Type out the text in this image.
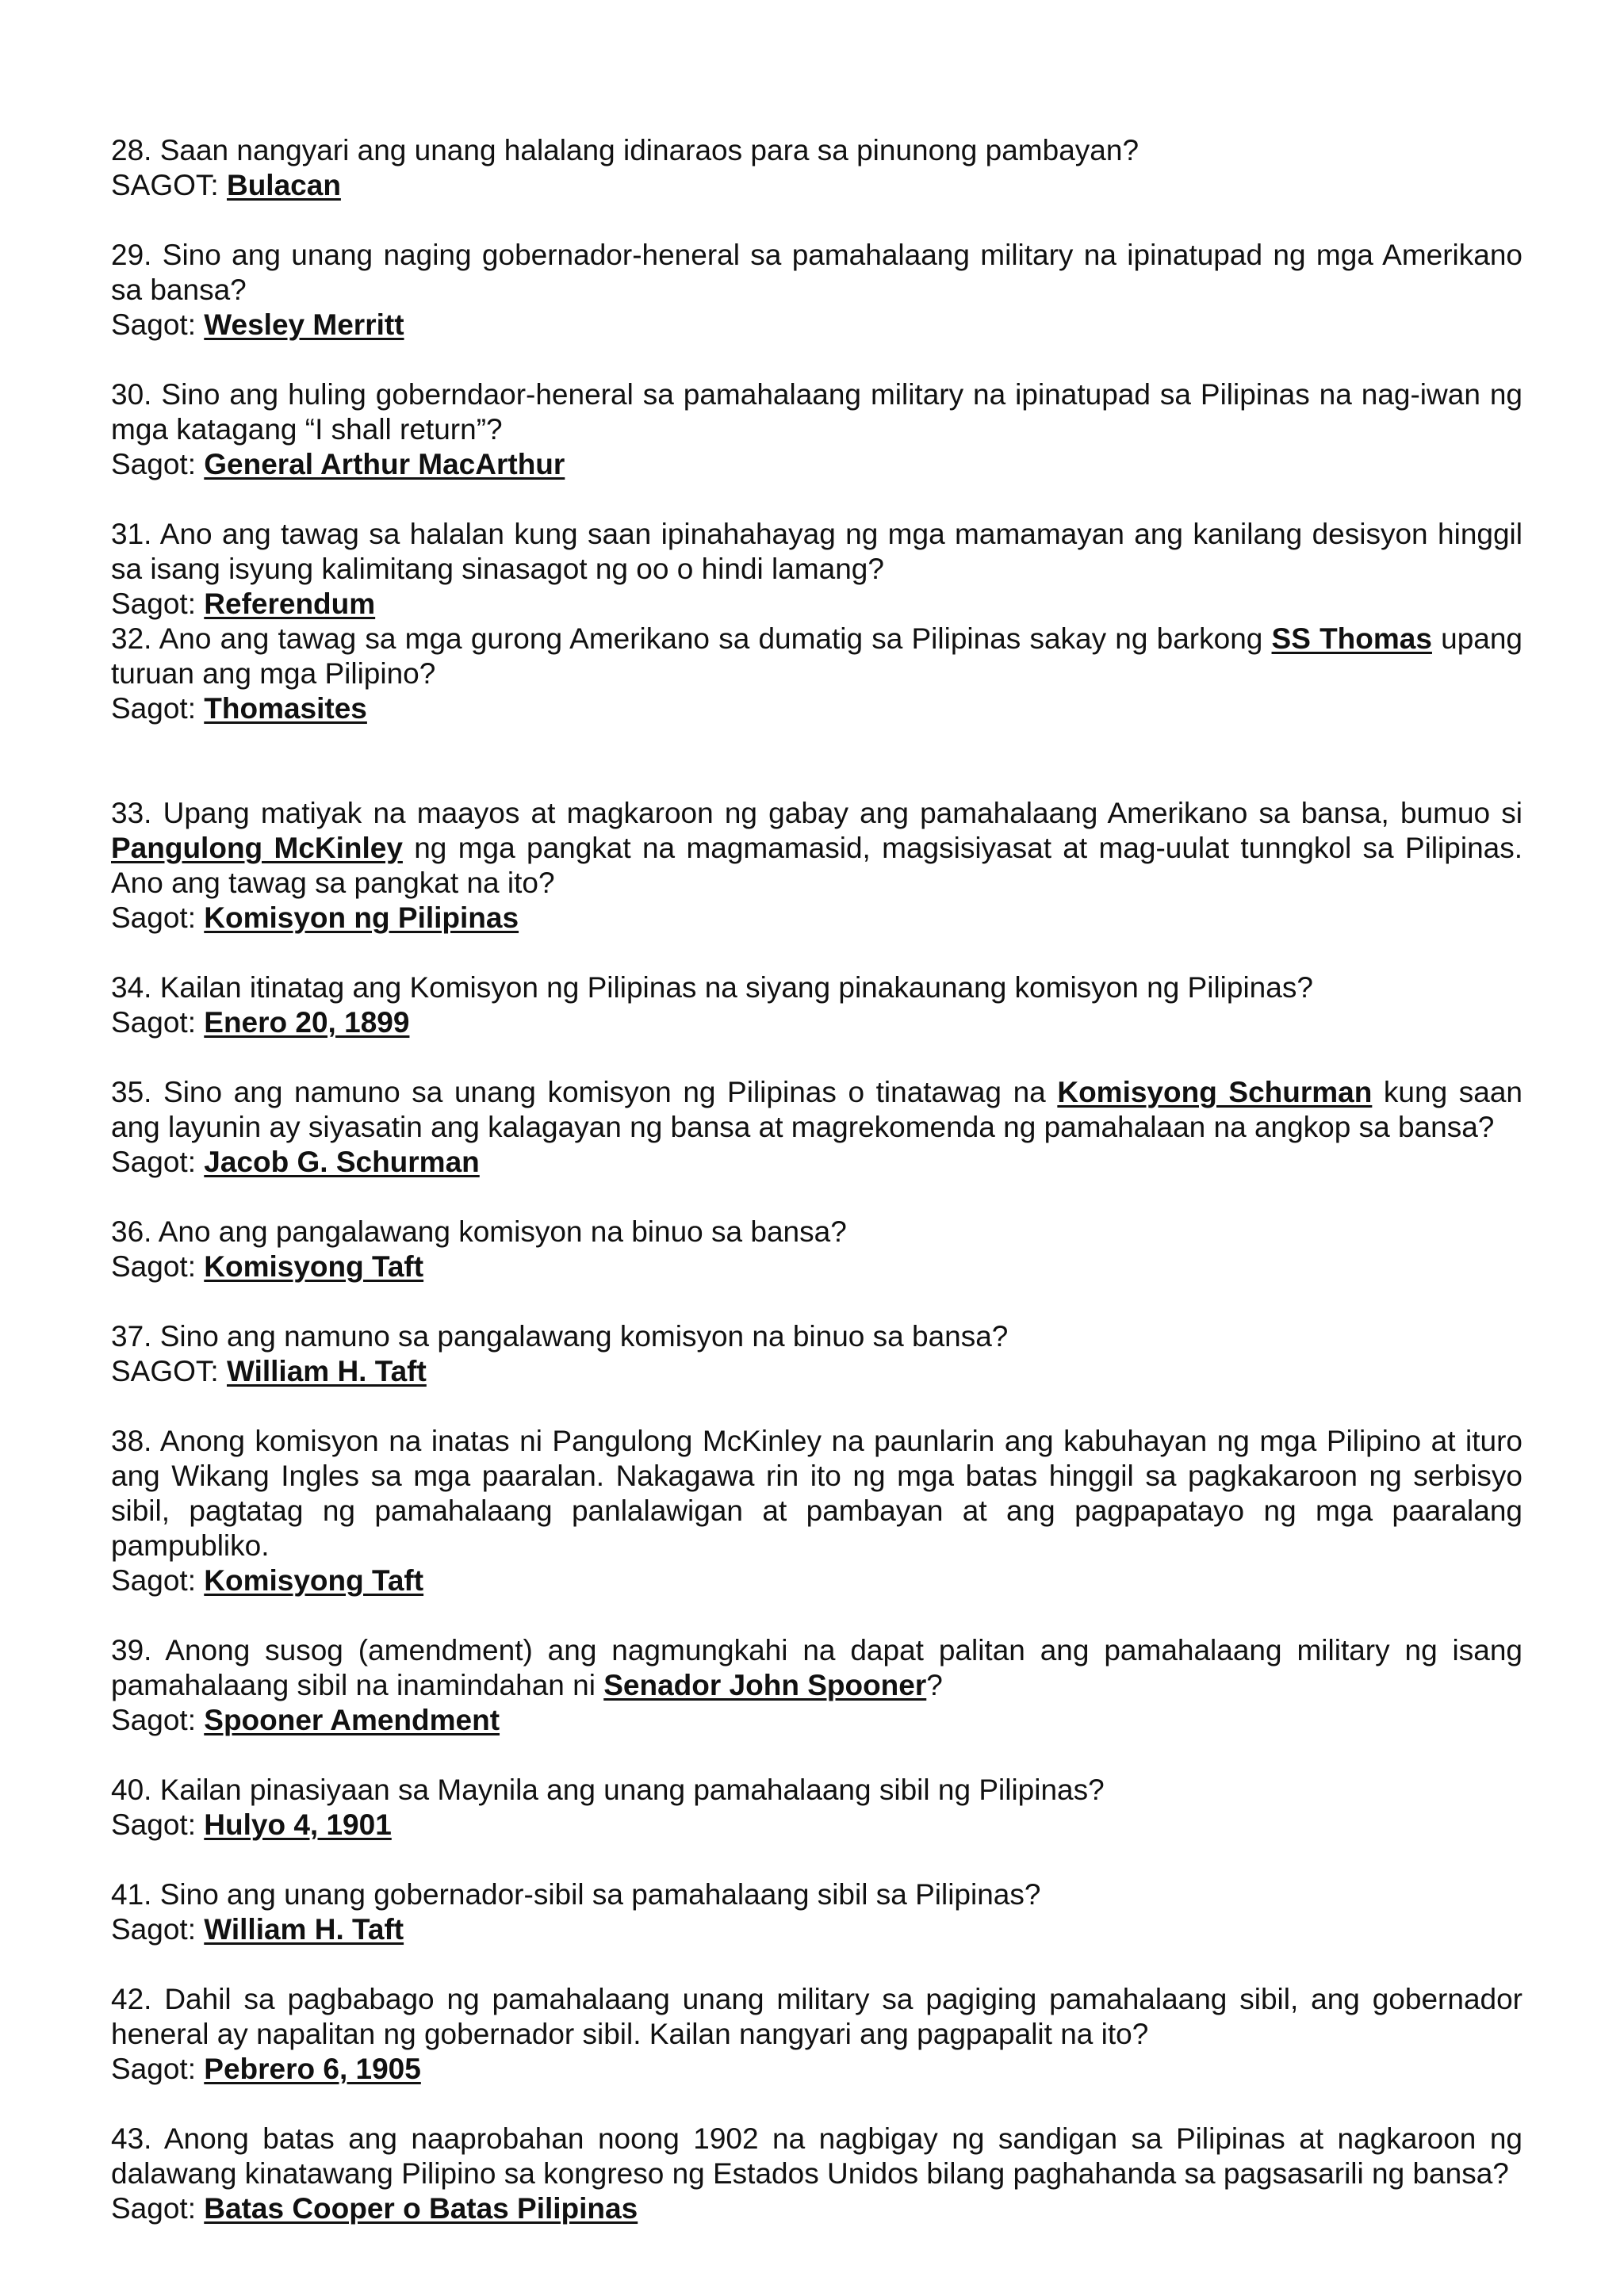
28. Saan nangyari ang unang halalang idinaraos para sa pinunong pambayan?

SAGOT: Bulacan

29. Sino ang unang naging gobernador-heneral sa pamahalaang military na ipinatupad ng mga Amerikano sa bansa?

Sagot: Wesley Merritt

30. Sino ang huling goberndaor-heneral sa pamahalaang military na ipinatupad sa Pilipinas na nag-iwan ng mga katagang “I shall return”?

Sagot: General Arthur MacArthur

31. Ano ang tawag sa halalan kung saan ipinahahayag ng mga mamamayan ang kanilang desisyon hinggil sa isang isyung kalimitang sinasagot ng oo o hindi lamang?

Sagot: Referendum

32. Ano ang tawag sa mga gurong Amerikano sa dumatig sa Pilipinas sakay ng barkong SS Thomas upang turuan ang mga Pilipino?

Sagot: Thomasites

33. Upang matiyak na maayos at magkaroon ng gabay ang pamahalaang Amerikano sa bansa, bumuo si Pangulong McKinley ng mga pangkat na magmamasid, magsisiyasat at mag-uulat tunngkol sa Pilipinas. Ano ang tawag sa pangkat na ito?

Sagot: Komisyon ng Pilipinas

34. Kailan itinatag ang Komisyon ng Pilipinas na siyang pinakaunang komisyon ng Pilipinas?

Sagot: Enero 20, 1899

35. Sino ang namuno sa unang komisyon ng Pilipinas o tinatawag na Komisyong Schurman kung saan ang layunin ay siyasatin ang kalagayan ng bansa at magrekomenda ng pamahalaan na angkop sa bansa?

Sagot: Jacob G. Schurman

36. Ano ang pangalawang komisyon na binuo sa bansa?

Sagot: Komisyong Taft

37. Sino ang namuno sa pangalawang komisyon na binuo sa bansa?

SAGOT: William H. Taft

38. Anong komisyon na inatas ni Pangulong McKinley na paunlarin ang kabuhayan ng mga Pilipino at ituro ang Wikang Ingles sa mga paaralan. Nakagawa rin ito ng mga batas hinggil sa pagkakaroon ng serbisyo sibil, pagtatag ng pamahalaang panlalawigan at pambayan at ang pagpapatayo ng mga paaralang pampubliko.

Sagot: Komisyong Taft

39. Anong susog (amendment) ang nagmungkahi na dapat palitan ang pamahalaang military ng isang pamahalaang sibil na inamindahan ni Senador John Spooner?

Sagot: Spooner Amendment

40. Kailan pinasiyaan sa Maynila ang unang pamahalaang sibil ng Pilipinas?

Sagot: Hulyo 4, 1901

41. Sino ang unang gobernador-sibil sa pamahalaang sibil sa Pilipinas?

Sagot: William H. Taft

42. Dahil sa pagbabago ng pamahalaang unang military sa pagiging pamahalaang sibil, ang gobernador heneral ay napalitan ng gobernador sibil. Kailan nangyari ang pagpapalit na ito?

Sagot: Pebrero 6, 1905

43. Anong batas ang naaprobahan noong 1902 na nagbigay ng sandigan sa Pilipinas at nagkaroon ng dalawang kinatawang Pilipino sa kongreso ng Estados Unidos bilang paghahanda sa pagsasarili ng bansa?

Sagot: Batas Cooper o Batas Pilipinas
